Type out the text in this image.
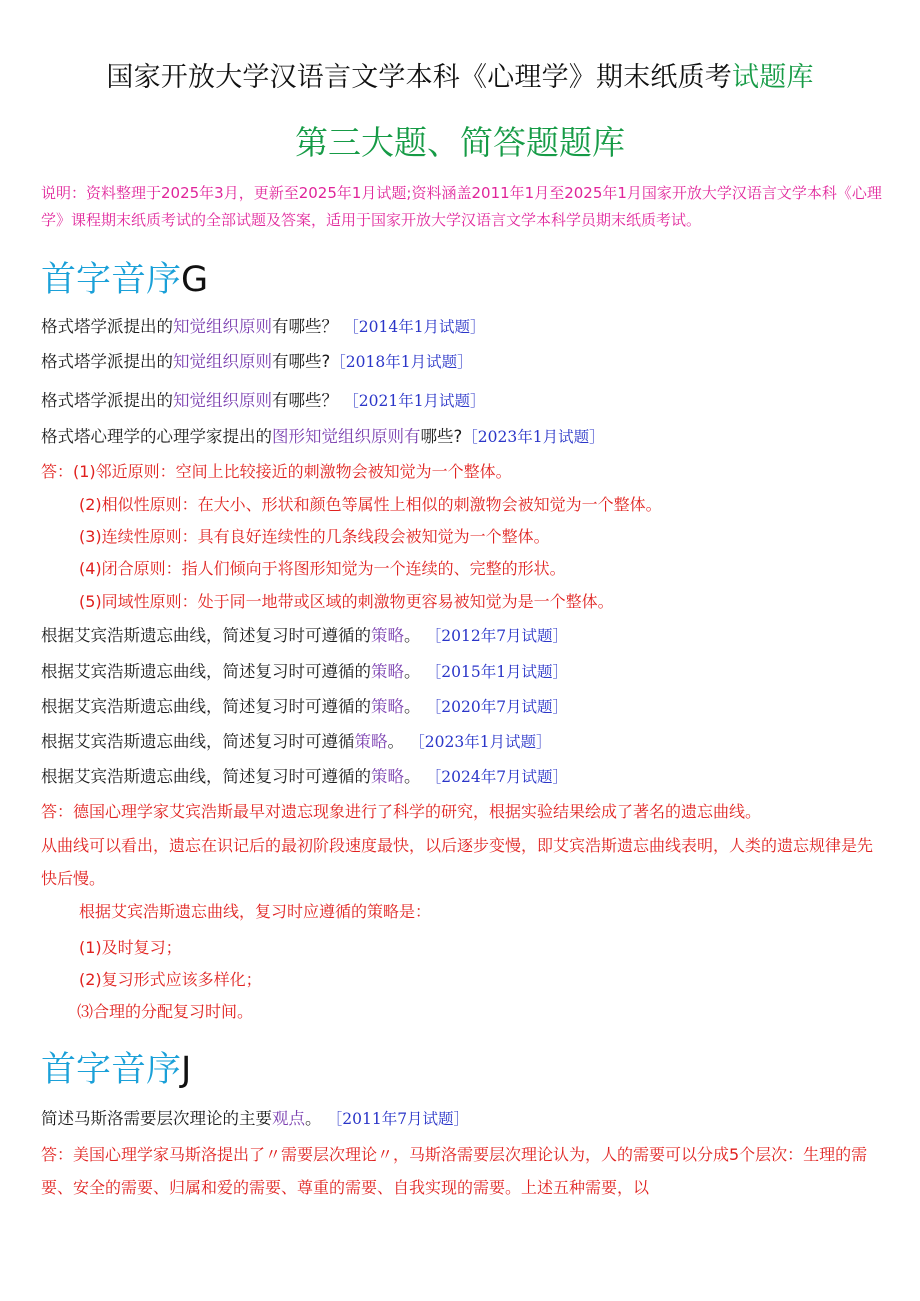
国家开放大学汉语言文学本科《心理学》期末纸质考试题库
第三大题、简答题题库
说明：资料整理于2025年3月，更新至2025年1月试题;资料涵盖2011年1月至2025年1月国家开放大学汉语言文学本科《心理学》课程期末纸质考试的全部试题及答案，适用于国家开放大学汉语言文学本科学员期末纸质考试。
首字音序G
格式塔学派提出的知觉组织原则有哪些？ ［2014年1月试题］
格式塔学派提出的知觉组织原则有哪些?［2018年1月试题］
格式塔学派提出的知觉组织原则有哪些？ ［2021年1月试题］
格式塔心理学的心理学家提出的图形知觉组织原则有哪些?［2023年1月试题］
答：(1)邻近原则：空间上比较接近的刺激物会被知觉为一个整体。
(2)相似性原则：在大小、形状和颜色等属性上相似的刺激物会被知觉为一个整体。
(3)连续性原则：具有良好连续性的几条线段会被知觉为一个整体。
(4)闭合原则：指人们倾向于将图形知觉为一个连续的、完整的形状。
(5)同域性原则：处于同一地带或区域的刺激物更容易被知觉为是一个整体。
根据艾宾浩斯遗忘曲线，简述复习时可遵循的策略。 ［2012年7月试题］
根据艾宾浩斯遗忘曲线，简述复习时可遵循的策略。 ［2015年1月试题］
根据艾宾浩斯遗忘曲线，简述复习时可遵循的策略。 ［2020年7月试题］
根据艾宾浩斯遗忘曲线，简述复习时可遵循策略。 ［2023年1月试题］
根据艾宾浩斯遗忘曲线，简述复习时可遵循的策略。 ［2024年7月试题］
答：德国心理学家艾宾浩斯最早对遗忘现象进行了科学的研究，根据实验结果绘成了著名的遗忘曲线。
从曲线可以看出，遗忘在识记后的最初阶段速度最快，以后逐步变慢，即艾宾浩斯遗忘曲线表明，人类的遗忘规律是先快后慢。
根据艾宾浩斯遗忘曲线，复习时应遵循的策略是：
(1)及时复习；
(2)复习形式应该多样化；
⑶合理的分配复习时间。
首字音序J
简述马斯洛需要层次理论的主要观点。 ［2011年7月试题］
答：美国心理学家马斯洛提出了〃需要层次理论〃，马斯洛需要层次理论认为，人的需要可以分成5个层次：生理的需要、安全的需要、归属和爱的需要、尊重的需要、自我实现的需要。上述五种需要，以
